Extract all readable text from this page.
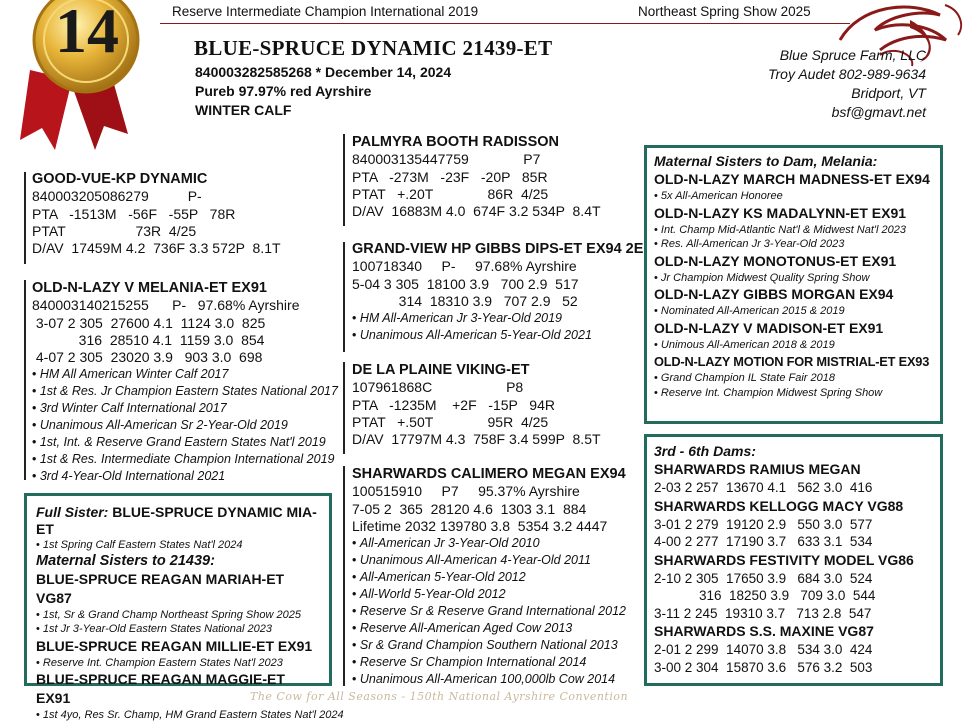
14	Reserve Intermediate Champion International 2019	Northeast Spring Show 2025
BLUE-SPRUCE DYNAMIC 21439-ET
840003282585268 * December 14, 2024
Pureb 97.97% red Ayrshire
WINTER CALF
Blue Spruce Farm, LLC
Troy Audet 802-989-9634
Bridport, VT
bsf@gmavt.net
GOOD-VUE-KP DYNAMIC
840003205086279          P-
PTA   -1513M   -56F   -55P   78R
PTAT                  73R  4/25
D/AV  17459M 4.2  736F 3.3 572P  8.1T
OLD-N-LAZY V MELANIA-ET EX91
840003140215255      P-   97.68% Ayrshire
3-07 2 305  27600 4.1  1124 3.0  825
316  28510 4.1  1159 3.0  854
4-07 2 305  23020 3.9   903 3.0  698
• HM All American Winter Calf 2017
• 1st & Res. Jr Champion Eastern States National 2017
• 3rd Winter Calf International 2017
• Unanimous All-American Sr 2-Year-Old 2019
• 1st, Int. & Reserve Grand Eastern States Nat'l 2019
• 1st & Res. Intermediate Champion International 2019
• 3rd 4-Year-Old International 2021
Full Sister: BLUE-SPRUCE DYNAMIC MIA-ET
• 1st Spring Calf Eastern States Nat'l 2024
Maternal Sisters to 21439:
BLUE-SPRUCE REAGAN MARIAH-ET VG87
• 1st, Sr & Grand Champ Northeast Spring Show 2025
• 1st Jr 3-Year-Old Eastern States National 2023
BLUE-SPRUCE REAGAN MILLIE-ET EX91
• Reserve Int. Champion Eastern States Nat'l 2023
BLUE-SPRUCE REAGAN MAGGIE-ET EX91
• 1st 4yo, Res Sr. Champ, HM Grand Eastern States Nat'l 2024
PALMYRA BOOTH RADISSON
840003135447759              P7
PTA   -273M   -23F   -20P   85R
PTAT   +.20T              86R  4/25
D/AV  16883M 4.0  674F 3.2 534P  8.4T
GRAND-VIEW HP GIBBS DIPS-ET EX94 2E
100718340     P-     97.68% Ayrshire
5-04 3 305  18100 3.9   700 2.9  517
314  18310 3.9   707 2.9   52
• HM All-American Jr 3-Year-Old 2019
• Unanimous All-American 5-Year-Old 2021
DE LA PLAINE VIKING-ET
107961868C                   P8
PTA   -1235M    +2F   -15P   94R
PTAT   +.50T              95R  4/25
D/AV  17797M 4.3  758F 3.4 599P  8.5T
SHARWARDS CALIMERO MEGAN EX94
100515910     P7     95.37% Ayrshire
7-05 2  365  28120 4.6  1303 3.1  884
Lifetime 2032 139780 3.8  5354 3.2 4447
• All-American Jr 3-Year-Old 2010
• Unanimous All-American 4-Year-Old 2011
• All-American 5-Year-Old 2012
• All-World 5-Year-Old 2012
• Reserve Sr & Reserve Grand International 2012
• Reserve All-American Aged Cow 2013
• Sr & Grand Champion Southern National 2013
• Reserve Sr Champion International 2014
• Unanimous All-American 100,000lb Cow 2014
Maternal Sisters to Dam, Melania:
OLD-N-LAZY MARCH MADNESS-ET EX94
• 5x All-American Honoree
OLD-N-LAZY KS MADALYNN-ET EX91
• Int. Champ Mid-Atlantic Nat'l & Midwest Nat'l 2023
• Res. All-American Jr 3-Year-Old 2023
OLD-N-LAZY MONOTONUS-ET EX91
• Jr Champion Midwest Quality Spring Show
OLD-N-LAZY GIBBS MORGAN EX94
• Nominated All-American 2015 & 2019
OLD-N-LAZY V MADISON-ET EX91
• Unimous All-American 2018 & 2019
OLD-N-LAZY MOTION FOR MISTRIAL-ET EX93
• Grand Champion IL State Fair 2018
• Reserve Int. Champion Midwest Spring Show
3rd - 6th Dams:
SHARWARDS RAMIUS MEGAN
2-03 2 257  13670 4.1   562 3.0  416
SHARWARDS KELLOGG MACY VG88
3-01 2 279  19120 2.9   550 3.0  577
4-00 2 277  17190 3.7   633 3.1  534
SHARWARDS FESTIVITY MODEL VG86
2-10 2 305  17650 3.9   684 3.0  524
316  18250 3.9   709 3.0  544
3-11 2 245  19310 3.7   713 2.8  547
SHARWARDS S.S. MAXINE VG87
2-01 2 299  14070 3.8   534 3.0  424
3-00 2 304  15870 3.6   576 3.2  503
The Cow for All Seasons - 150th National Ayrshire Convention
